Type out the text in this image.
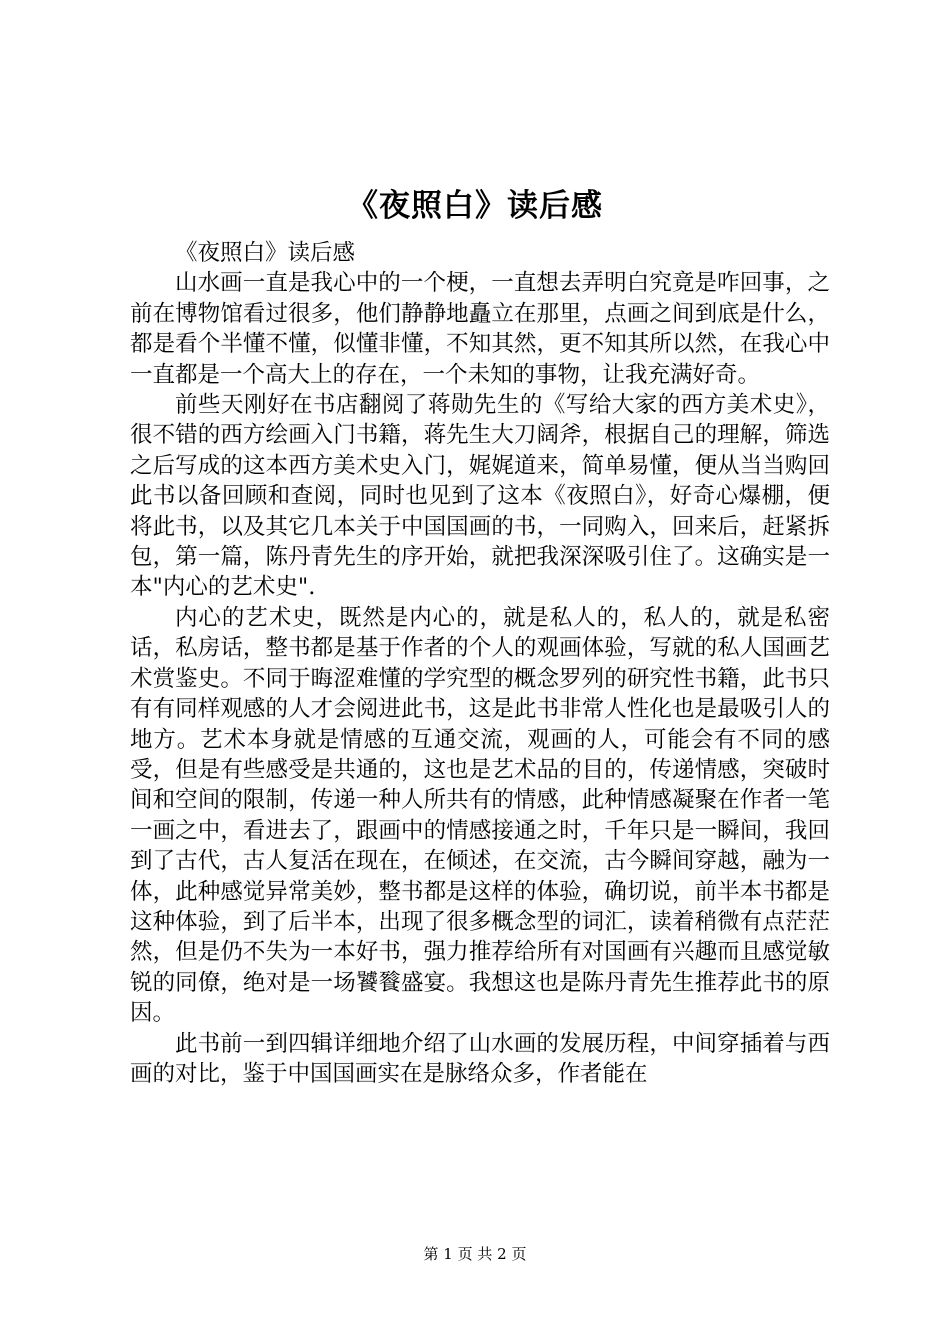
《夜照白》读后感

《夜照白》读后感

山水画一直是我心中的一个梗，一直想去弄明白究竟是咋回事，之前在博物馆看过很多，他们静静地矗立在那里，点画之间到底是什么，都是看个半懂不懂，似懂非懂，不知其然，更不知其所以然，在我心中一直都是一个高大上的存在，一个未知的事物，让我充满好奇。

前些天刚好在书店翻阅了蒋勋先生的《写给大家的西方美术史》，很不错的西方绘画入门书籍，蒋先生大刀阔斧，根据自己的理解，筛选之后写成的这本西方美术史入门，娓娓道来，简单易懂，便从当当购回此书以备回顾和查阅，同时也见到了这本《夜照白》，好奇心爆棚，便将此书，以及其它几本关于中国国画的书，一同购入，回来后，赶紧拆包，第一篇，陈丹青先生的序开始，就把我深深吸引住了。这确实是一本"内心的艺术史".

内心的艺术史，既然是内心的，就是私人的，私人的，就是私密话，私房话，整书都是基于作者的个人的观画体验，写就的私人国画艺术赏鉴史。不同于晦涩难懂的学究型的概念罗列的研究性书籍，此书只有有同样观感的人才会阅进此书，这是此书非常人性化也是最吸引人的地方。艺术本身就是情感的互通交流，观画的人，可能会有不同的感受，但是有些感受是共通的，这也是艺术品的目的，传递情感，突破时间和空间的限制，传递一种人所共有的情感，此种情感凝聚在作者一笔一画之中，看进去了，跟画中的情感接通之时，千年只是一瞬间，我回到了古代，古人复活在现在，在倾述，在交流，古今瞬间穿越，融为一体，此种感觉异常美妙，整书都是这样的体验，确切说，前半本书都是这种体验，到了后半本，出现了很多概念型的词汇，读着稍微有点茫茫然，但是仍不失为一本好书，强力推荐给所有对国画有兴趣而且感觉敏锐的同僚，绝对是一场饕餮盛宴。我想这也是陈丹青先生推荐此书的原因。

此书前一到四辑详细地介绍了山水画的发展历程，中间穿插着与西画的对比，鉴于中国国画实在是脉络众多，作者能在

第 1 页 共 2 页
